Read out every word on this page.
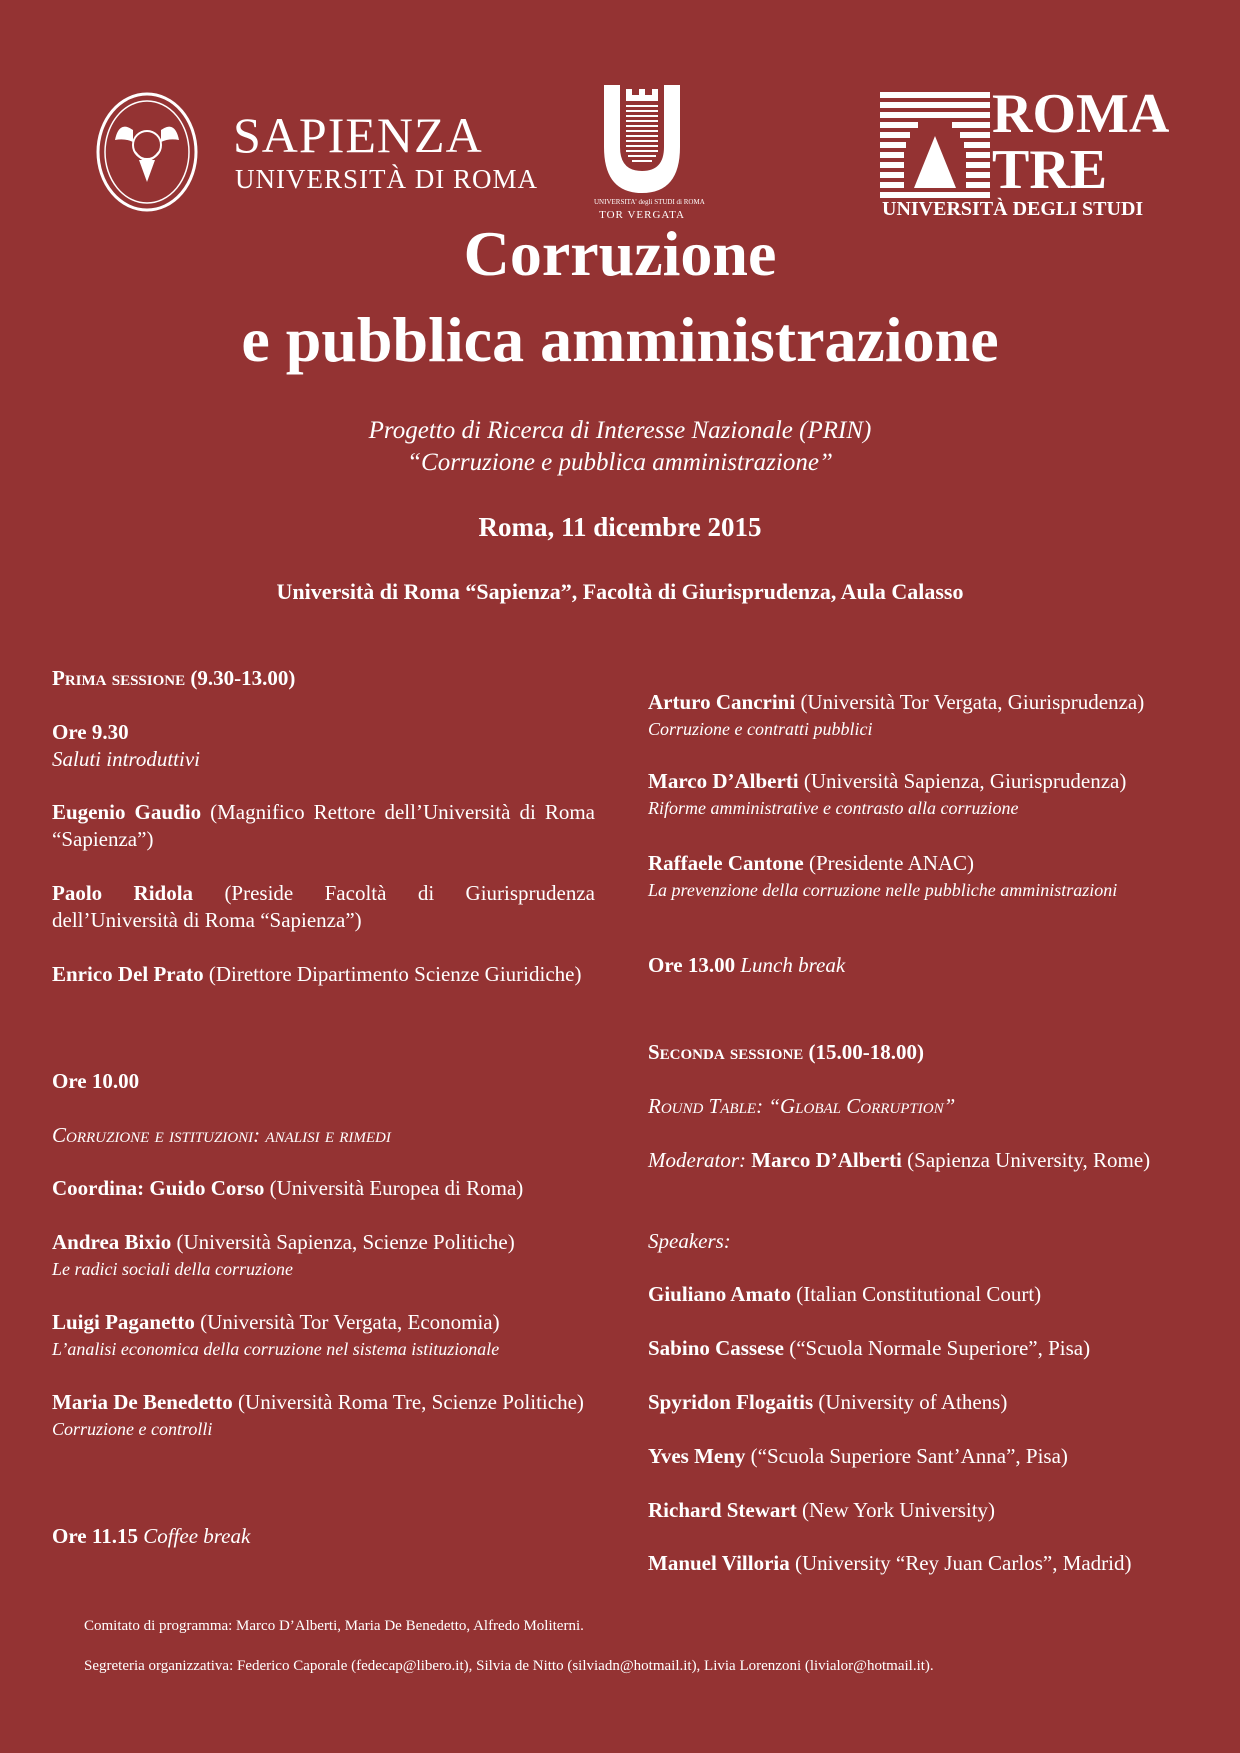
SAPIENZA
UNIVERSITÀ DI ROMA
UNIVERSITA' degli STUDI di ROMA
TOR VERGATA
ROMA
TRE
UNIVERSITÀ DEGLI STUDI
Corruzione
e pubblica amministrazione
Progetto di Ricerca di Interesse Nazionale (PRIN)
“Corruzione e pubblica amministrazione”
Roma, 11 dicembre 2015
Università di Roma “Sapienza”, Facoltà di Giurisprudenza, Aula Calasso
Prima sessione (9.30-13.00)
Ore 9.30
Saluti introduttivi
Eugenio Gaudio (Magnifico Rettore dell’Università di Roma “Sapienza”)
Paolo Ridola (Preside Facoltà di Giurisprudenza dell’Università di Roma “Sapienza”)
Enrico Del Prato (Direttore Dipartimento Scienze Giuridiche)
Ore 10.00
Corruzione e istituzioni: analisi e rimedi
Coordina: Guido Corso (Università Europea di Roma)
Andrea Bixio (Università Sapienza, Scienze Politiche)
Le radici sociali della corruzione
Luigi Paganetto (Università Tor Vergata, Economia)
L’analisi economica della corruzione nel sistema istituzionale
Maria De Benedetto (Università Roma Tre, Scienze Politiche)
Corruzione e controlli
Ore 11.15 Coffee break
Arturo Cancrini (Università Tor Vergata, Giurisprudenza)
Corruzione e contratti pubblici
Marco D’Alberti (Università Sapienza, Giurisprudenza)
Riforme amministrative e contrasto alla corruzione
Raffaele Cantone (Presidente ANAC)
La prevenzione della corruzione nelle pubbliche amministrazioni
Ore 13.00 Lunch break
Seconda sessione (15.00-18.00)
Round Table: “Global Corruption”
Moderator: Marco D’Alberti (Sapienza University, Rome)
Speakers:
Giuliano Amato (Italian Constitutional Court)
Sabino Cassese (“Scuola Normale Superiore”, Pisa)
Spyridon Flogaitis (University of Athens)
Yves Meny (“Scuola Superiore Sant’Anna”, Pisa)
Richard Stewart (New York University)
Manuel Villoria (University “Rey Juan Carlos”, Madrid)
Comitato di programma: Marco D’Alberti, Maria De Benedetto, Alfredo Moliterni.
Segreteria organizzativa: Federico Caporale (fedecap@libero.it), Silvia de Nitto (silviadn@hotmail.it), Livia Lorenzoni (livialor@hotmail.it).
